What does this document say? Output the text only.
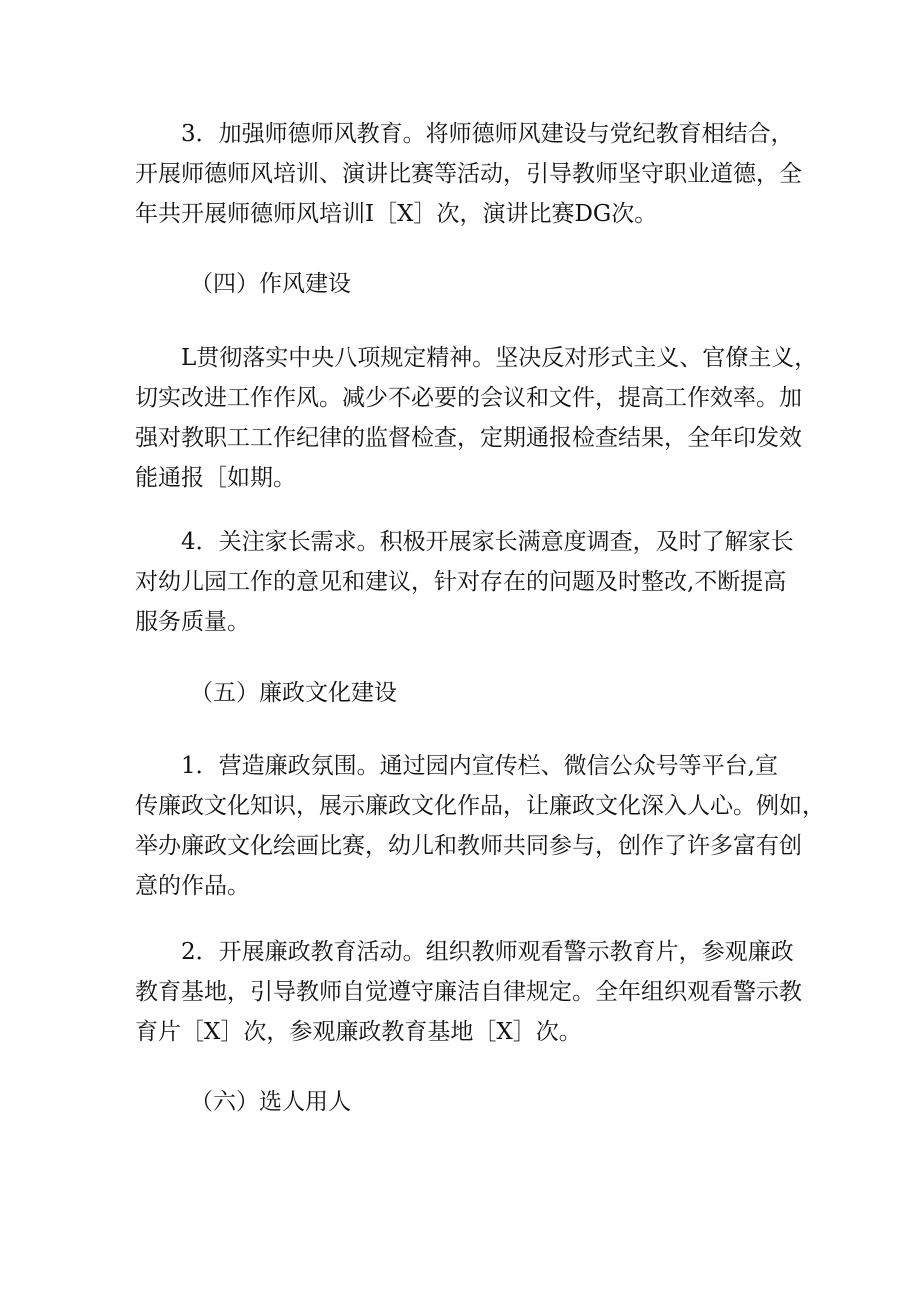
3．加强师德师风教育。将师德师风建设与党纪教育相结合，
开展师德师风培训、演讲比赛等活动，引导教师坚守职业道德，全
年共开展师德师风培训I［X］次，演讲比赛DG次。
（四）作风建设
L贯彻落实中央八项规定精神。坚决反对形式主义、官僚主义，
切实改进工作作风。减少不必要的会议和文件，提高工作效率。加
强对教职工工作纪律的监督检查，定期通报检查结果，全年印发效
能通报［如期。
4．关注家长需求。积极开展家长满意度调查，及时了解家长
对幼儿园工作的意见和建议，针对存在的问题及时整改,不断提高
服务质量。
（五）廉政文化建设
1．营造廉政氛围。通过园内宣传栏、微信公众号等平台,宣
传廉政文化知识，展示廉政文化作品，让廉政文化深入人心。例如，
举办廉政文化绘画比赛，幼儿和教师共同参与，创作了许多富有创
意的作品。
2．开展廉政教育活动。组织教师观看警示教育片，参观廉政
教育基地，引导教师自觉遵守廉洁自律规定。全年组织观看警示教
育片［X］次，参观廉政教育基地［X］次。
（六）选人用人
